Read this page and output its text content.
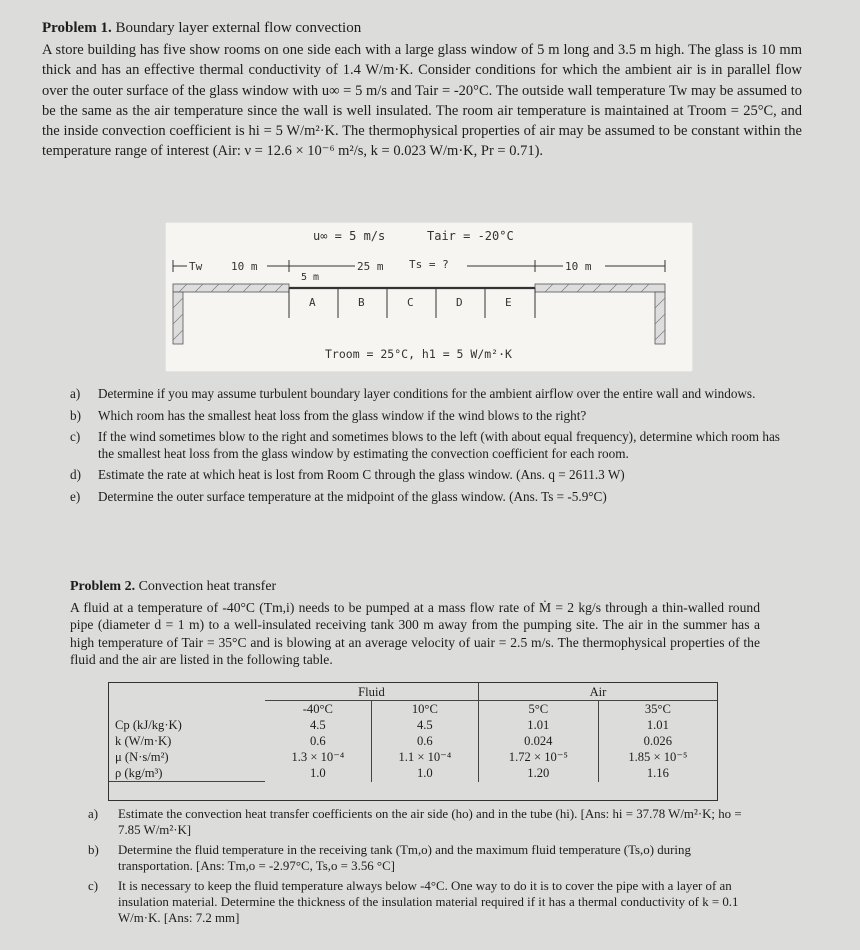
Problem 1. Boundary layer external flow convection

A store building has five show rooms on one side each with a large glass window of 5 m long and 3.5 m high. The glass is 10 mm thick and has an effective thermal conductivity of 1.4 W/m·K. Consider conditions for which the ambient air is in parallel flow over the outer surface of the glass window with u∞ = 5 m/s and Tair = -20°C. The outside wall temperature Tw may be assumed to be the same as the air temperature since the wall is well insulated. The room air temperature is maintained at Troom = 25°C, and the inside convection coefficient is hi = 5 W/m²·K. The thermophysical properties of air may be assumed to be constant within the temperature range of interest (Air: ν = 12.6 × 10⁻⁶ m²/s, k = 0.023 W/m·K, Pr = 0.71).

u∞ = 5 m/s	Tair = -20°C
Tw	10 m	25 m Ts = ?	10 m
5 m
A	B	C	D	E
Troom = 25°C, h1 = 5 W/m²·K
a)	Determine if you may assume turbulent boundary layer conditions for the ambient airflow over the entire wall and windows.
b)	Which room has the smallest heat loss from the glass window if the wind blows to the right?
c)	If the wind sometimes blow to the right and sometimes blows to the left (with about equal frequency), determine which room has the smallest heat loss from the glass window by estimating the convection coefficient for each room.
d)	Estimate the rate at which heat is lost from Room C through the glass window. (Ans. q = 2611.3 W)
e)	Determine the outer surface temperature at the midpoint of the glass window. (Ans. Ts = -5.9°C)

Problem 2. Convection heat transfer

A fluid at a temperature of -40°C (Tm,i) needs to be pumped at a mass flow rate of Ṁ = 2 kg/s through a thin-walled round pipe (diameter d = 1 m) to a well-insulated receiving tank 300 m away from the pumping site. The air in the summer has a high temperature of Tair = 35°C and is blowing at an average velocity of uair = 2.5 m/s. The thermophysical properties of the fluid and the air are listed in the following table.

	Fluid		Air	
	-40°C	10°C	5°C	35°C
Cp (kJ/kg·K)	4.5	4.5	1.01	1.01
k (W/m·K)	0.6	0.6	0.024	0.026
μ (N·s/m²)	1.3 × 10⁻⁴	1.1 × 10⁻⁴	1.72 × 10⁻⁵	1.85 × 10⁻⁵
ρ (kg/m³)	1.0	1.0	1.20	1.16
a)	Estimate the convection heat transfer coefficients on the air side (ho) and in the tube (hi). [Ans: hi = 37.78 W/m²·K; ho = 7.85 W/m²·K]
b)	Determine the fluid temperature in the receiving tank (Tm,o) and the maximum fluid temperature (Ts,o) during transportation. [Ans: Tm,o = -2.97°C, Ts,o = 3.56 °C]
c)	It is necessary to keep the fluid temperature always below -4°C. One way to do it is to cover the pipe with a layer of an insulation material. Determine the thickness of the insulation material required if it has a thermal conductivity of k = 0.1 W/m·K. [Ans: 7.2 mm]
